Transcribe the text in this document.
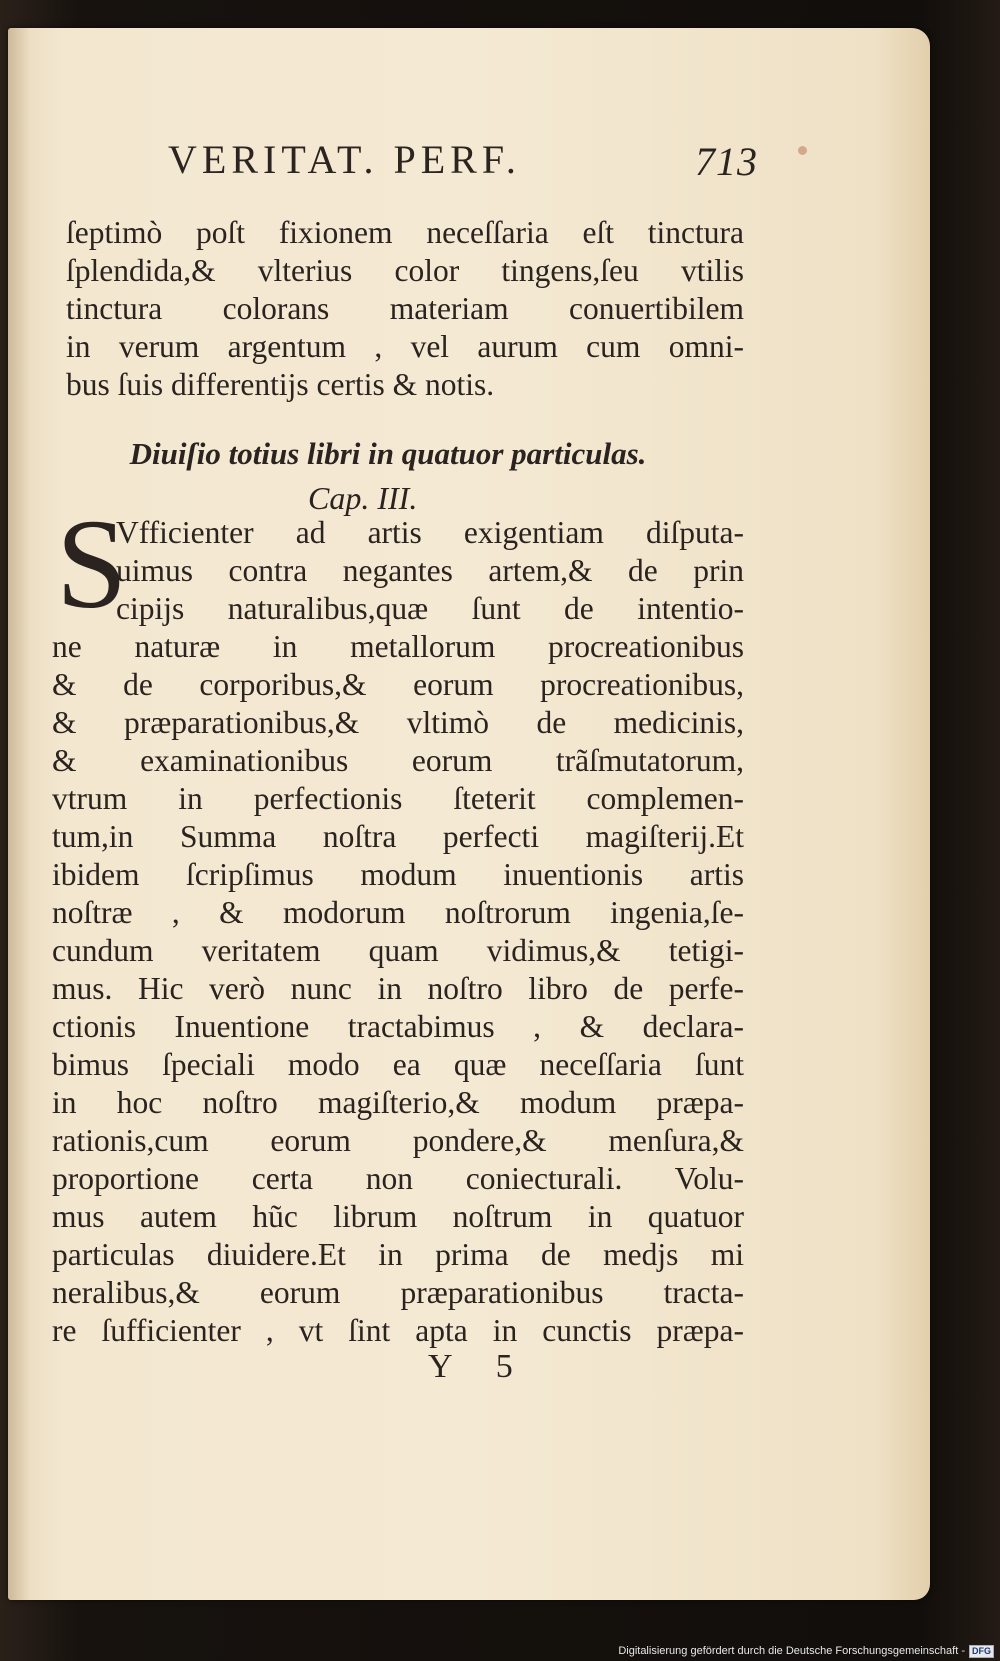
VERITAT. PERF.	713
ſeptimò poſt fixionem neceſſaria eſt tinctura
ſplendida,& vlterius color tingens,ſeu vtilis
tinctura colorans materiam conuertibilem
in verum argentum , vel aurum cum omni-
bus ſuis differentijs certis & notis.
Diuiſio totius libri in quatuor particulas.
Cap. III.
S
Vfficienter ad artis exigentiam diſputa-
uimus contra negantes artem,& de prin
cipijs naturalibus,quæ ſunt de intentio-
ne naturæ in metallorum procreationibus
& de corporibus,& eorum procreationibus,
& præparationibus,& vltimò de medicinis,
& examinationibus eorum trãſmutatorum,
vtrum in perfectionis ſteterit complemen-
tum,in Summa noſtra perfecti magiſterij.Et
ibidem ſcripſimus modum inuentionis artis
noſtræ , & modorum noſtrorum ingenia,ſe-
cundum veritatem quam vidimus,& tetigi-
mus. Hic verò nunc in noſtro libro de perfe-
ctionis Inuentione tractabimus , & declara-
bimus ſpeciali modo ea quæ neceſſaria ſunt
in hoc noſtro magiſterio,& modum præpa-
rationis,cum eorum pondere,& menſura,&
proportione certa non coniecturali. Volu-
mus autem hũc librum noſtrum in quatuor
particulas diuidere.Et in prima de medjs mi
neralibus,& eorum præparationibus tracta-
re ſufficienter , vt ſint apta in cunctis præpa-
Y 5
Digitalisierung gefördert durch die Deutsche Forschungsgemeinschaft - DFG
